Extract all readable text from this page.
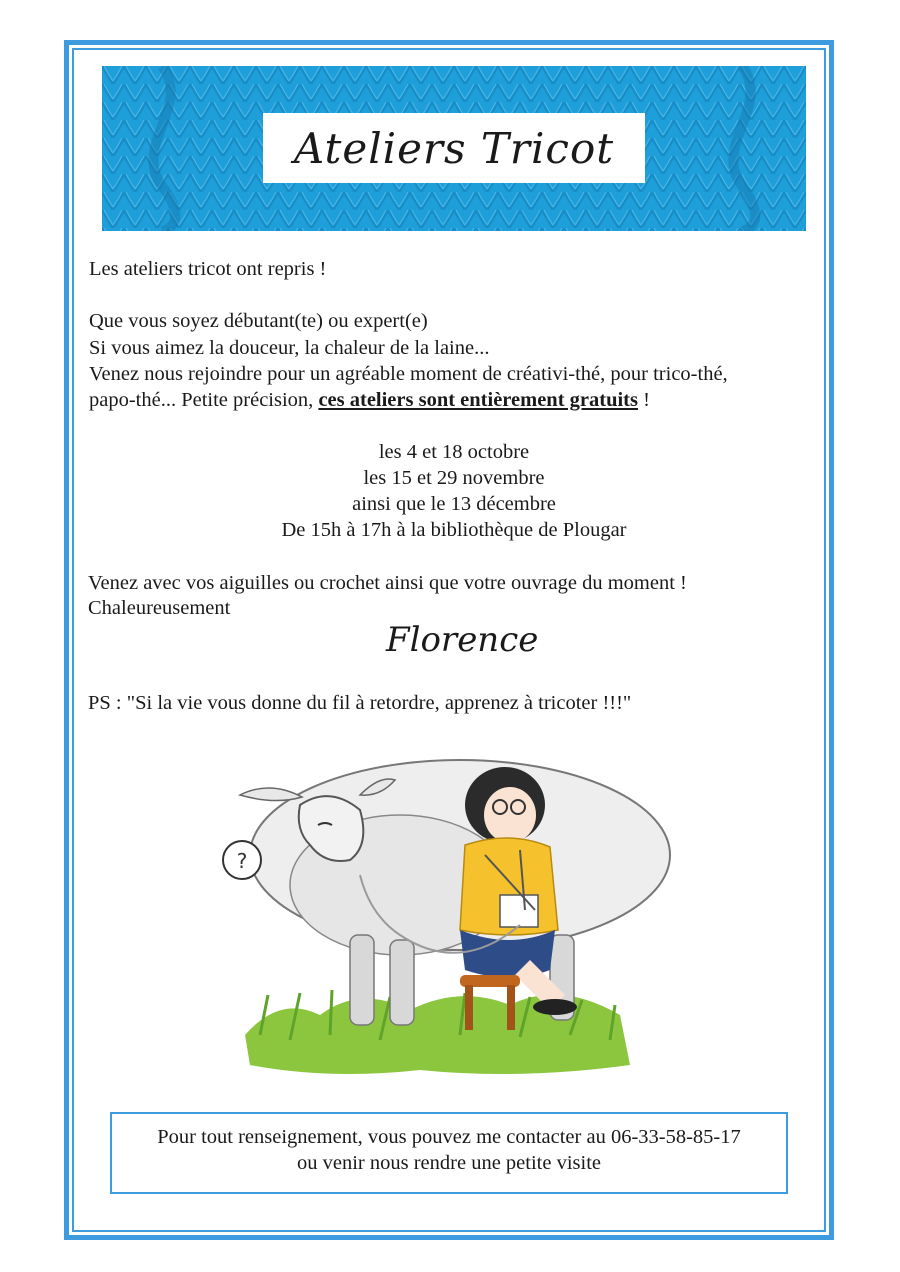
Ateliers Tricot
Les ateliers tricot ont repris !
Que vous soyez débutant(te) ou expert(e)
Si vous aimez la douceur, la chaleur de la laine...
Venez nous rejoindre pour un agréable moment de créativi-thé, pour trico-thé,
papo-thé... Petite précision, ces ateliers sont entièrement gratuits !
les 4 et 18 octobre
les 15 et 29 novembre
ainsi que le 13 décembre
De 15h à 17h à la bibliothèque de Plougar
Venez avec vos aiguilles ou crochet ainsi que votre ouvrage du moment !
Chaleureusement
Florence
PS : "Si la vie vous donne du fil à retordre, apprenez à tricoter !!!"
?
Pour tout renseignement, vous pouvez me contacter au 06-33-58-85-17
ou venir nous rendre une petite visite
